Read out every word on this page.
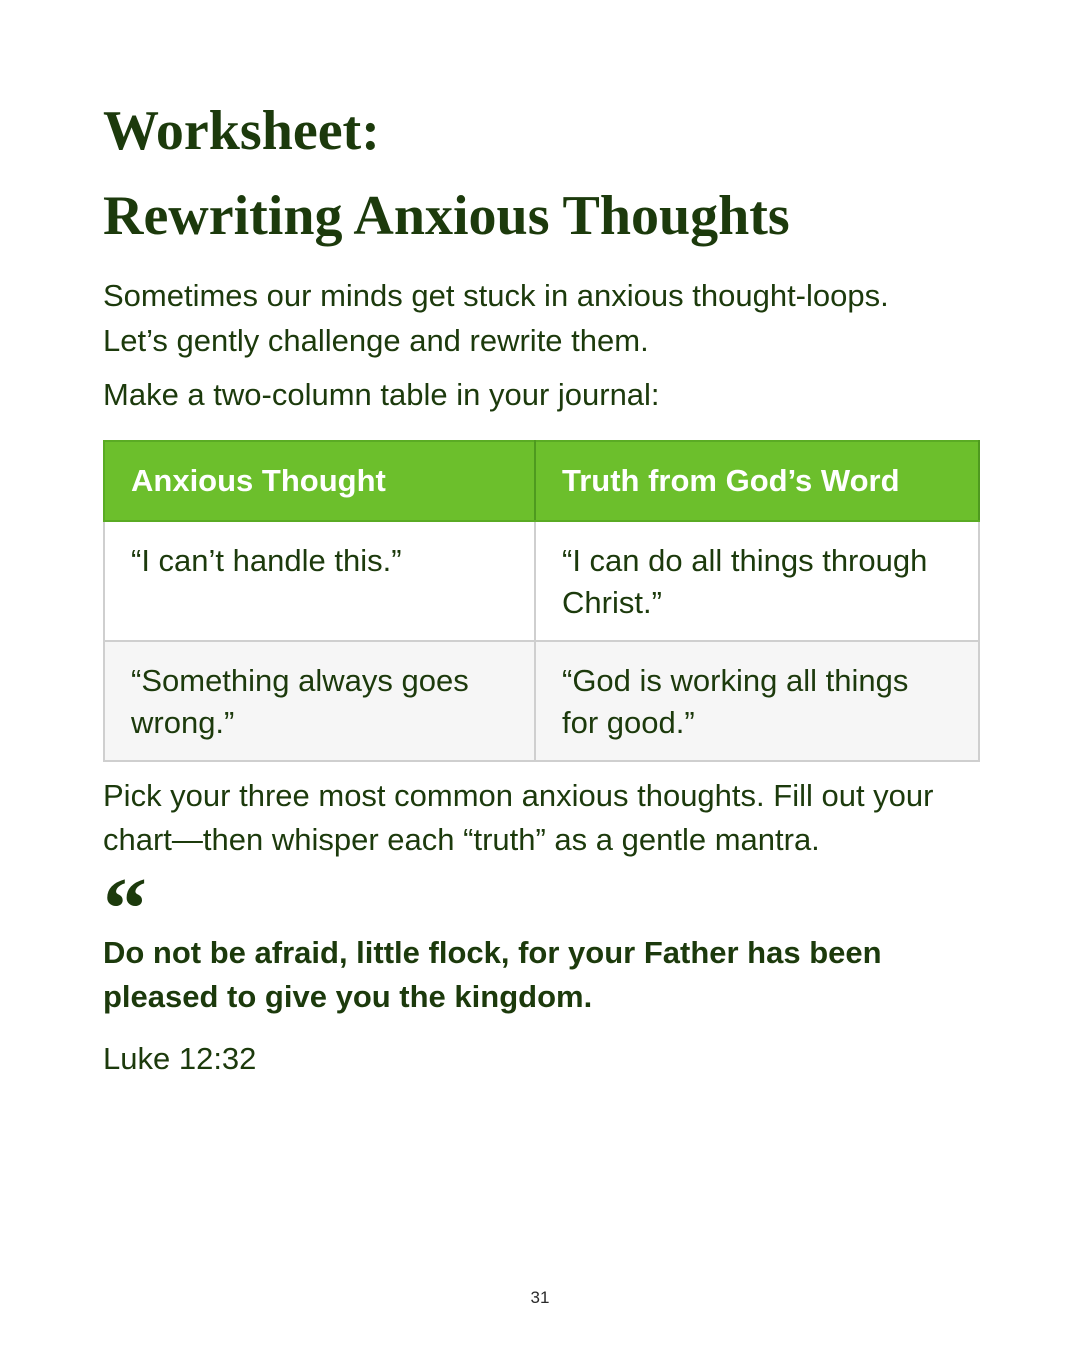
Worksheet:
Rewriting Anxious Thoughts

Sometimes our minds get stuck in anxious thought-loops.

Let’s gently challenge and rewrite them.

Make a two-column table in your journal:

Anxious Thought	Truth from God’s Word
“I can’t handle this.”	“I can do all things through Christ.”
“Something always goes wrong.”	“God is working all things for good.”

Pick your three most common anxious thoughts. Fill out your

chart—then whisper each “truth” as a gentle mantra.

“

Do not be afraid, little flock, for your Father has been

pleased to give you the kingdom.

Luke 12:32

31
